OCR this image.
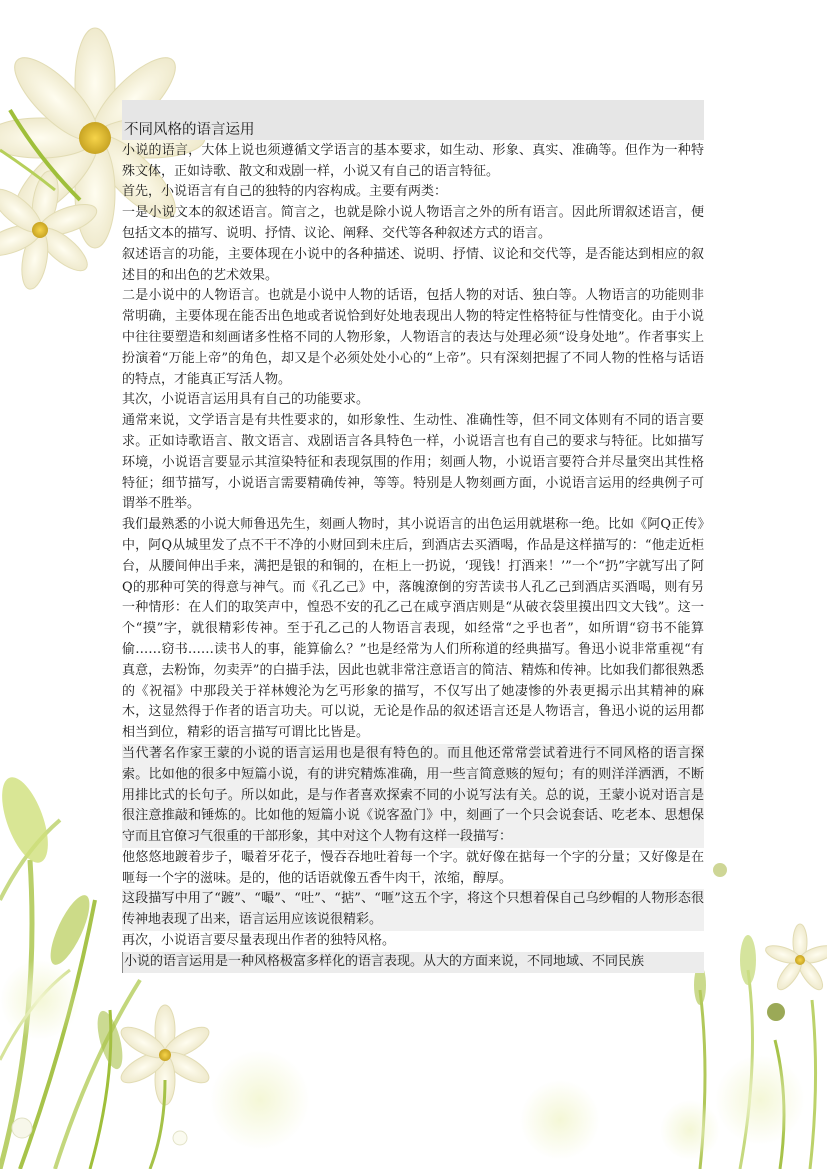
不同风格的语言运用

小说的语言，大体上说也须遵循文学语言的基本要求，如生动、形象、真实、准确等。但作为一种特殊文体，正如诗歌、散文和戏剧一样，小说又有自己的语言特征。

首先，小说语言有自己的独特的内容构成。主要有两类：

一是小说文本的叙述语言。简言之，也就是除小说人物语言之外的所有语言。因此所谓叙述语言，便包括文本的描写、说明、抒情、议论、阐释、交代等各种叙述方式的语言。

叙述语言的功能，主要体现在小说中的各种描述、说明、抒情、议论和交代等，是否能达到相应的叙述目的和出色的艺术效果。

二是小说中的人物语言。也就是小说中人物的话语，包括人物的对话、独白等。人物语言的功能则非常明确，主要体现在能否出色地或者说恰到好处地表现出人物的特定性格特征与性情变化。由于小说中往往要塑造和刻画诸多性格不同的人物形象，人物语言的表达与处理必须“设身处地”。作者事实上扮演着“万能上帝”的角色，却又是个必须处处小心的“上帝”。只有深刻把握了不同人物的性格与话语的特点，才能真正写活人物。

其次，小说语言运用具有自己的功能要求。

通常来说，文学语言是有共性要求的，如形象性、生动性、准确性等，但不同文体则有不同的语言要求。正如诗歌语言、散文语言、戏剧语言各具特色一样，小说语言也有自己的要求与特征。比如描写环境，小说语言要显示其渲染特征和表现氛围的作用；刻画人物，小说语言要符合并尽量突出其性格特征；细节描写，小说语言需要精确传神，等等。特别是人物刻画方面，小说语言运用的经典例子可谓举不胜举。

我们最熟悉的小说大师鲁迅先生，刻画人物时，其小说语言的出色运用就堪称一绝。比如《阿Q正传》中，阿Q从城里发了点不干不净的小财回到未庄后，到酒店去买酒喝，作品是这样描写的：“他走近柜台，从腰间伸出手来，满把是银的和铜的，在柜上一扔说，‘现钱！打酒来！’”一个“扔”字就写出了阿Q的那种可笑的得意与神气。而《孔乙己》中，落魄潦倒的穷苦读书人孔乙己到酒店买酒喝，则有另一种情形：在人们的取笑声中，惶恐不安的孔乙己在咸亨酒店则是“从破衣袋里摸出四文大钱”。这一个“摸”字，就很精彩传神。至于孔乙己的人物语言表现，如经常“之乎也者”，如所谓“窃书不能算偷……窃书……读书人的事，能算偷么？”也是经常为人们所称道的经典描写。鲁迅小说非常重视“有真意，去粉饰，勿卖弄”的白描手法，因此也就非常注意语言的简洁、精炼和传神。比如我们都很熟悉的《祝福》中那段关于祥林嫂沦为乞丐形象的描写，不仅写出了她凄惨的外表更揭示出其精神的麻木，这显然得于作者的语言功夫。可以说，无论是作品的叙述语言还是人物语言，鲁迅小说的运用都相当到位，精彩的语言描写可谓比比皆是。

当代著名作家王蒙的小说的语言运用也是很有特色的。而且他还常常尝试着进行不同风格的语言探索。比如他的很多中短篇小说，有的讲究精炼准确，用一些言简意赅的短句；有的则洋洋洒洒，不断用排比式的长句子。所以如此，是与作者喜欢探索不同的小说写法有关。总的说，王蒙小说对语言是很注意推敲和锤炼的。比如他的短篇小说《说客盈门》中，刻画了一个只会说套话、吃老本、思想保守而且官僚习气很重的干部形象，其中对这个人物有这样一段描写：

他悠悠地踱着步子，嘬着牙花子，慢吞吞地吐着每一个字。就好像在掂每一个字的分量；又好像是在咂每一个字的滋味。是的，他的话语就像五香牛肉干，浓缩，醇厚。

这段描写中用了“踱”、“嘬”、“吐”、“掂”、“咂”这五个字，将这个只想着保自己乌纱帽的人物形态很传神地表现了出来，语言运用应该说很精彩。

再次，小说语言要尽量表现出作者的独特风格。

小说的语言运用是一种风格极富多样化的语言表现。从大的方面来说，不同地域、不同民族
